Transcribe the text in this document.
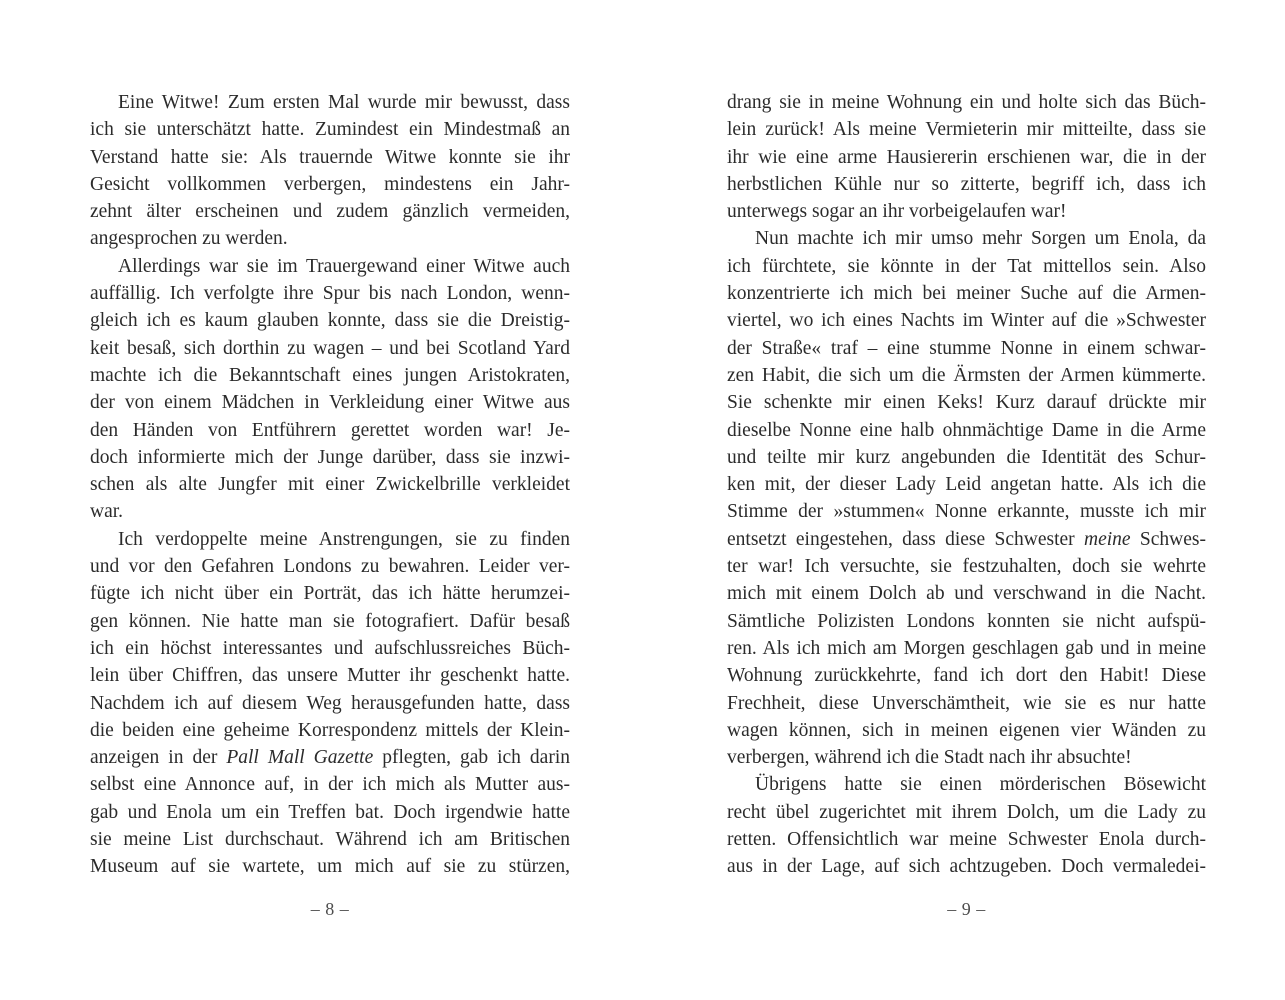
Eine Witwe! Zum ersten Mal wurde mir bewusst, dass
ich sie unterschätzt hatte. Zumindest ein Mindestmaß an
Verstand hatte sie: Als trauernde Witwe konnte sie ihr
Gesicht vollkommen verbergen, mindestens ein Jahr-
zehnt älter erscheinen und zudem gänzlich vermeiden,
angesprochen zu werden.
Allerdings war sie im Trauergewand einer Witwe auch
auffällig. Ich verfolgte ihre Spur bis nach London, wenn-
gleich ich es kaum glauben konnte, dass sie die Dreistig-
keit besaß, sich dorthin zu wagen – und bei Scotland Yard
machte ich die Bekanntschaft eines jungen Aristokraten,
der von einem Mädchen in Verkleidung einer Witwe aus
den Händen von Entführern gerettet worden war! Je-
doch informierte mich der Junge darüber, dass sie inzwi-
schen als alte Jungfer mit einer Zwickelbrille verkleidet
war.
Ich verdoppelte meine Anstrengungen, sie zu finden
und vor den Gefahren Londons zu bewahren. Leider ver-
fügte ich nicht über ein Porträt, das ich hätte herumzei-
gen können. Nie hatte man sie fotografiert. Dafür besaß
ich ein höchst interessantes und aufschlussreiches Büch-
lein über Chiffren, das unsere Mutter ihr geschenkt hatte.
Nachdem ich auf diesem Weg herausgefunden hatte, dass
die beiden eine geheime Korrespondenz mittels der Klein-
anzeigen in der Pall Mall Gazette pflegten, gab ich darin
selbst eine Annonce auf, in der ich mich als Mutter aus-
gab und Enola um ein Treffen bat. Doch irgendwie hatte
sie meine List durchschaut. Während ich am Britischen
Museum auf sie wartete, um mich auf sie zu stürzen,
drang sie in meine Wohnung ein und holte sich das Büch-
lein zurück! Als meine Vermieterin mir mitteilte, dass sie
ihr wie eine arme Hausiererin erschienen war, die in der
herbstlichen Kühle nur so zitterte, begriff ich, dass ich
unterwegs sogar an ihr vorbeigelaufen war!
Nun machte ich mir umso mehr Sorgen um Enola, da
ich fürchtete, sie könnte in der Tat mittellos sein. Also
konzentrierte ich mich bei meiner Suche auf die Armen-
viertel, wo ich eines Nachts im Winter auf die »Schwester
der Straße« traf – eine stumme Nonne in einem schwar-
zen Habit, die sich um die Ärmsten der Armen kümmerte.
Sie schenkte mir einen Keks! Kurz darauf drückte mir
dieselbe Nonne eine halb ohnmächtige Dame in die Arme
und teilte mir kurz angebunden die Identität des Schur-
ken mit, der dieser Lady Leid angetan hatte. Als ich die
Stimme der »stummen« Nonne erkannte, musste ich mir
entsetzt eingestehen, dass diese Schwester meine Schwes-
ter war! Ich versuchte, sie festzuhalten, doch sie wehrte
mich mit einem Dolch ab und verschwand in die Nacht.
Sämtliche Polizisten Londons konnten sie nicht aufspü-
ren. Als ich mich am Morgen geschlagen gab und in meine
Wohnung zurückkehrte, fand ich dort den Habit! Diese
Frechheit, diese Unverschämtheit, wie sie es nur hatte
wagen können, sich in meinen eigenen vier Wänden zu
verbergen, während ich die Stadt nach ihr absuchte!
Übrigens hatte sie einen mörderischen Bösewicht
recht übel zugerichtet mit ihrem Dolch, um die Lady zu
retten. Offensichtlich war meine Schwester Enola durch-
aus in der Lage, auf sich achtzugeben. Doch vermaledei-
– 8 –	– 9 –
